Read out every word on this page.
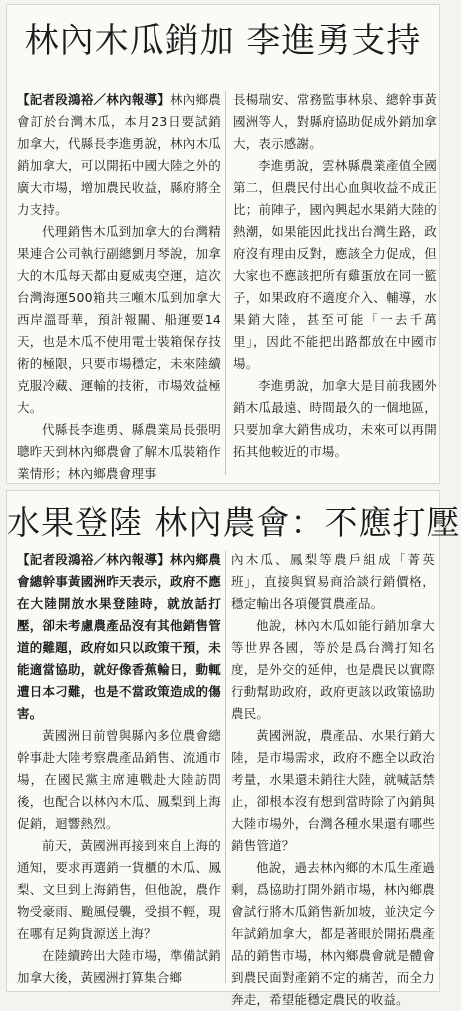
林內木瓜銷加 李進勇支持

【記者段鴻裕／林內報導】林內鄉農會訂於台灣木瓜，本月23日要試銷加拿大，代縣長李進勇說，林內木瓜銷加拿大，可以開拓中國大陸之外的廣大市場，增加農民收益，縣府將全力支持。

代理銷售木瓜到加拿大的台灣精果連合公司執行副總劉月琴說，加拿大的木瓜每天都由夏威夷空運，這次台灣海運500箱共三噸木瓜到加拿大西岸溫哥華，預計報關、船運要14天，也是木瓜不使用電士裝箱保存技術的極限，只要市場穩定，未來陸續克服冷藏、運輸的技術，市場效益極大。

代縣長李進勇、縣農業局長張明聰昨天到林內鄉農會了解木瓜裝箱作業情形；林內鄉農會理事

長楊瑞安、常務監事林泉、總幹事黃國洲等人，對縣府協助促成外銷加拿大，表示感謝。

李進勇說，雲林縣農業產值全國第二，但農民付出心血與收益不成正比；前陣子，國內興起水果銷大陸的熱潮，如果能因此找出台灣生路，政府沒有理由反對，應該全力促成，但大家也不應該把所有雞蛋放在同一籃子，如果政府不適度介入、輔導，水果銷大陸，甚至可能「一去千萬里」，因此不能把出路都放在中國市場。

李進勇說，加拿大是目前我國外銷木瓜最遠、時間最久的一個地區，只要加拿大銷售成功，未來可以再開拓其他較近的市場。

水果登陸 林內農會：不應打壓

【記者段鴻裕／林內報導】林內鄉農會總幹事黃國洲昨天表示，政府不應在大陸開放水果登陸時，就放話打壓，卻未考慮農產品沒有其他銷售管道的難題，政府如只以政策干預，未能適當協助，就好像香蕉輪日，動輒遭日本刁難，也是不當政策造成的傷害。

黃國洲日前曾與縣內多位農會總幹事赴大陸考察農產品銷售、流通市場，在國民黨主席連戰赴大陸訪問後，也配合以林內木瓜、鳳梨到上海促銷，迴響熱烈。

前天，黃國洲再接到來自上海的通知，要求再選銷一貨櫃的木瓜、鳳梨、文旦到上海銷售，但他說，農作物受豪雨、颱風侵襲，受損不輕，現在哪有足夠貨源送上海？

在陸續跨出大陸市場，準備試銷加拿大後，黃國洲打算集合鄉

內木瓜、鳳梨等農戶組成「菁英班」，直接與貿易商洽談行銷價格，穩定輸出各項優質農產品。

他說，林內木瓜如能行銷加拿大等世界各國，等於是爲台灣打知名度，是外交的延伸，也是農民以實際行動幫助政府，政府更該以政策協助農民。

黃國洲說，農產品、水果行銷大陸，是市場需求，政府不應全以政治考量，水果還未銷往大陸，就喊話禁止，卻根本沒有想到當時除了內銷與大陸市場外，台灣各種水果還有哪些銷售管道？

他說，過去林內鄉的木瓜生產過剩，爲協助打開外銷市場，林內鄉農會試行將木瓜銷售新加坡，並決定今年試銷加拿大，都是著眼於開拓農產品的銷售市場，林內鄉農會就是體會到農民面對產銷不定的痛苦，而全力奔走，希望能穩定農民的收益。
